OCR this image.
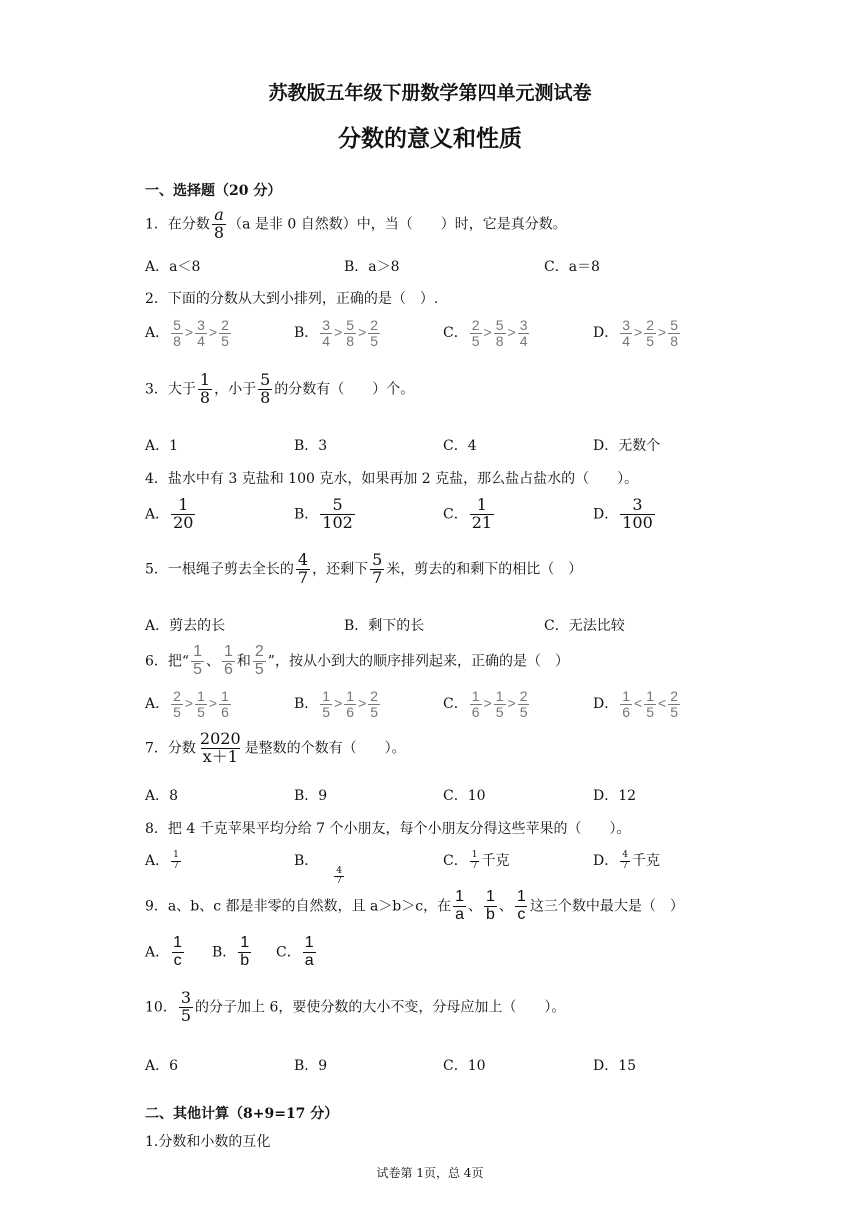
苏教版五年级下册数学第四单元测试卷
分数的意义和性质
一、选择题（20 分）
1．在分数 $\frac{a}{8} (a$ 是非 0 自然数）中，当（　　）时，它是真分数。
A．a＜8	B．a＞8	C．a＝8
2．下面的分数从大到小排列，正确的是（　）.
A． $\frac{5}{8} > \frac{3}{4} > \frac{2}{5}$	B． $\frac{3}{4} > \frac{5}{8} > \frac{2}{5}$	C． $\frac{2}{5} > \frac{5}{8} > \frac{3}{4}$	D． $\frac{3}{4} > \frac{2}{5} > \frac{5}{8}$
3．大于 $\frac{1}{8}$ ，小于 $\frac{5}{8}$ 的分数有（　　）个。
A．1	B．3	C．4	D．无数个
4．盐水中有 3 克盐和 100 克水，如果再加 2 克盐，那么盐占盐水的（　　）。
A． $\frac{1}{20}$	B． $\frac{5}{102}$	C． $\frac{1}{21}$	D． $\frac{3}{100}$
5．一根绳子剪去全长的 $\frac{4}{7}$ ，还剩下 $\frac{5}{7}$ 米，剪去的和剩下的相比（　）
A．剪去的长	B．剩下的长	C．无法比较
6．把“ $\frac{1}{5}$ 、 $\frac{1}{6}$ 和 $\frac{2}{5}$ ”，按从小到大的顺序排列起来，正确的是（　）
A． $\frac{2}{5} > \frac{1}{5} > \frac{1}{6}$	B． $\frac{1}{5} > \frac{1}{6} > \frac{2}{5}$	C． $\frac{1}{6} > \frac{1}{5} > \frac{2}{5}$	D． $\frac{1}{6} < \frac{1}{5} < \frac{2}{5}$
7．分数 $\frac{2020}{x+1}$ 是整数的个数有（　　）。
A．8	B．9	C．10	D．12
8．把 4 千克苹果平均分给 7 个小朋友，每个小朋友分得这些苹果的（　　）。
A． $\frac{1}{7}$	B．
$\frac{4}{7}$
C． $\frac{1}{7}$ 千克	D． $\frac{4}{7}$ 千克
9．a、b、c 都是非零的自然数，且 a＞b＞c，在 $\frac{1}{a}$ 、 $\frac{1}{b}$ 、 $\frac{1}{c}$ 这三个数中最大是（　）
A． $\frac{1}{c}$ B． $\frac{1}{b}$ C． $\frac{1}{a}$
10． $\frac{3}{5}$ 的分子加上 6，要使分数的大小不变，分母应加上（　　）。
A．6	B．9	C．10	D．15
二、其他计算（8+9=17 分）
1.分数和小数的互化
试卷第 1页，总 4页
